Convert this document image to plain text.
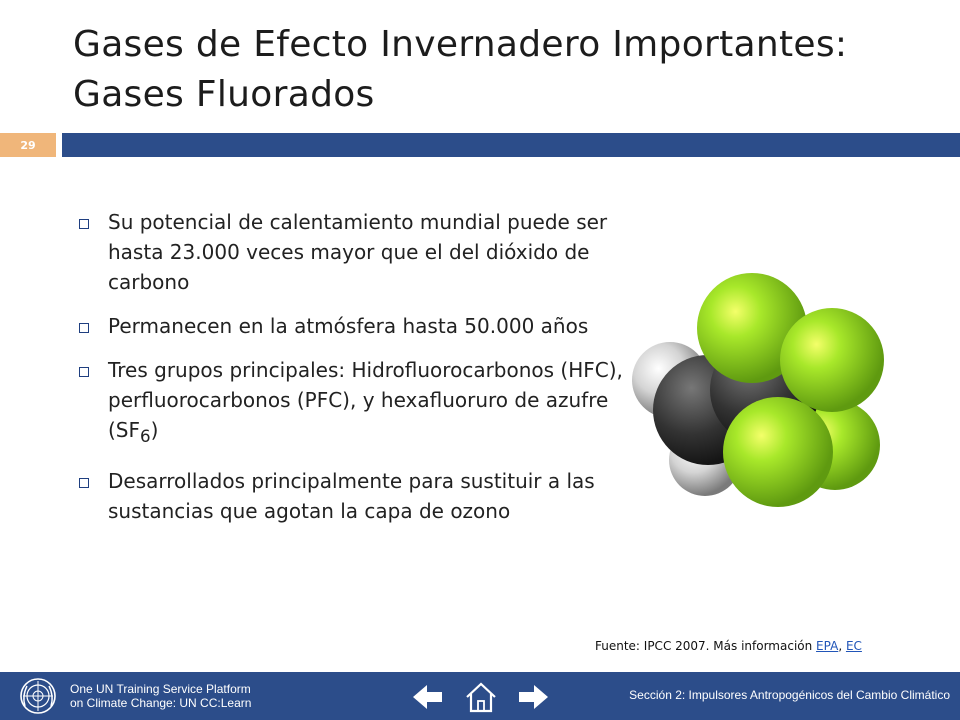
Gases de Efecto Invernadero Importantes: Gases Fluorados
29
Su potencial de calentamiento mundial puede ser hasta 23.000 veces mayor que el del dióxido de carbono
Permanecen en la atmósfera hasta 50.000 años
Tres grupos principales: Hidrofluorocarbonos (HFC), perfluorocarbonos (PFC), y hexafluoruro de azufre $(SF_6)$
Desarrollados principalmente para sustituir a las sustancias que agotan la capa de ozono
Fuente: IPCC 2007. Más información EPA, EC
One UN Training Service Platform
on Climate Change: UN CC:Learn
Sección 2: Impulsores Antropogénicos del Cambio Climático
